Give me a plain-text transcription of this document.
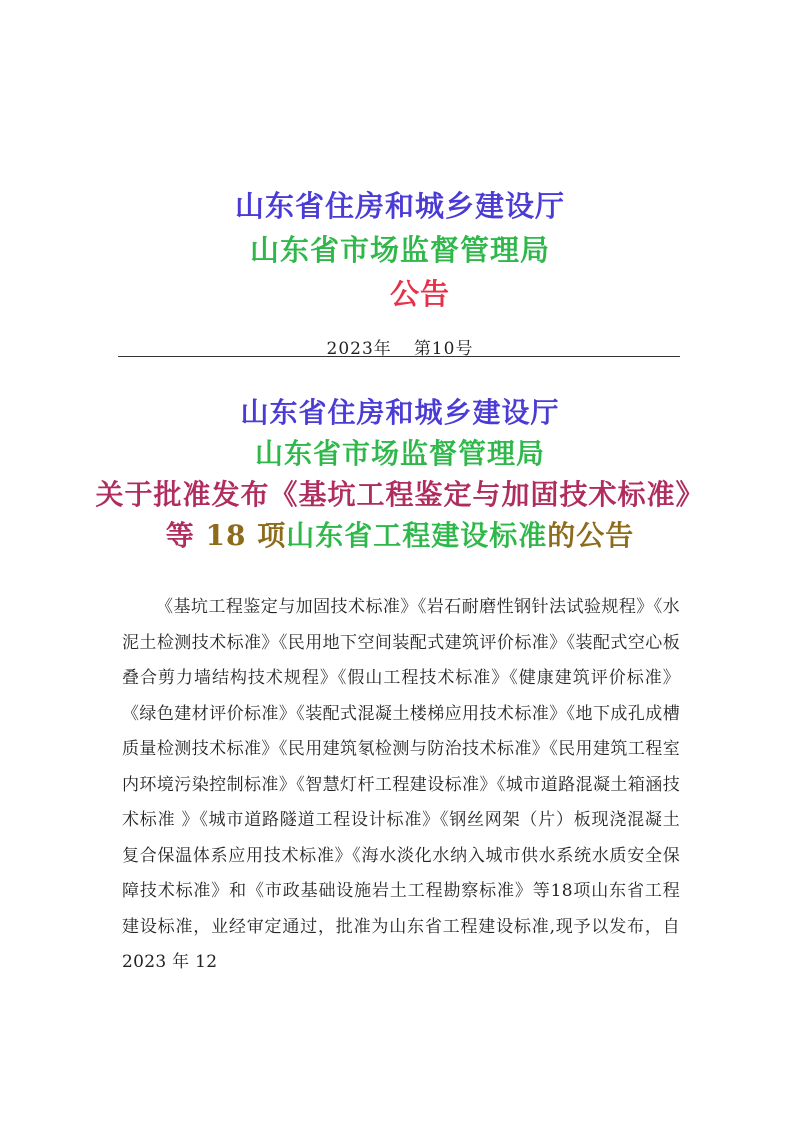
山东省住房和城乡建设厅
山东省市场监督管理局
公告
2023年 第10号
山东省住房和城乡建设厅
山东省市场监督管理局
关于批准发布《基坑工程鉴定与加固技术标准》
等 18 项山东省工程建设标准的公告
《基坑工程鉴定与加固技术标准》《岩石耐磨性钢针法试验规程》《水泥土检测技术标准》《民用地下空间装配式建筑评价标准》《装配式空心板叠合剪力墙结构技术规程》《假山工程技术标准》《健康建筑评价标准》《绿色建材评价标准》《装配式混凝土楼梯应用技术标准》《地下成孔成槽质量检测技术标准》《民用建筑氡检测与防治技术标准》《民用建筑工程室内环境污染控制标准》《智慧灯杆工程建设标准》《城市道路混凝土箱涵技术标准 》《城市道路隧道工程设计标准》《钢丝网架（片）板现浇混凝土复合保温体系应用技术标准》《海水淡化水纳入城市供水系统水质安全保障技术标准》和《市政基础设施岩土工程勘察标准》等18项山东省工程建设标准，业经审定通过，批准为山东省工程建设标准,现予以发布，自 2023 年 12
